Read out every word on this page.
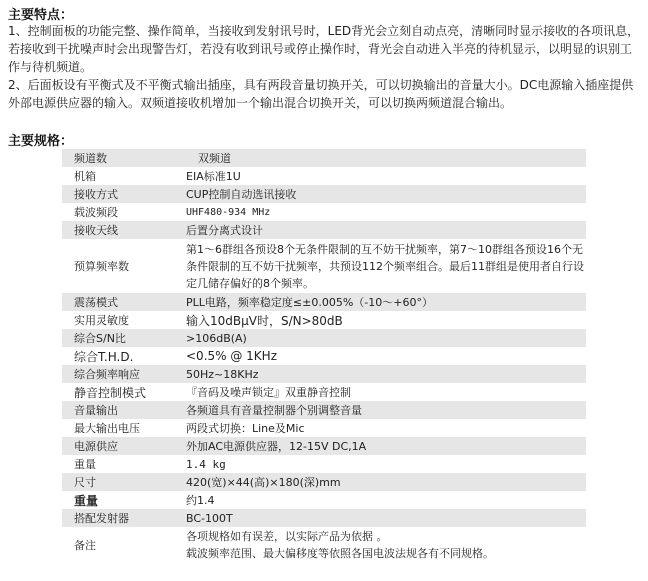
主要特点：
1、控制面板的功能完整、操作简单，当接收到发射讯号时，LED背光会立刻自动点亮，清晰同时显示接收的各项讯息，若接收到干扰噪声时会出现警告灯，若没有收到讯号或停止操作时，背光会自动进入半亮的待机显示，以明显的识别工作与待机频道。
2、后面板设有平衡式及不平衡式输出插座，具有两段音量切换开关，可以切换输出的音量大小。DC电源输入插座提供外部电源供应器的输入。双频道接收机增加一个输出混合切换开关，可以切换两频道混合输出。
主要规格：
频道数	双频道
机箱	EIA标准1U
接收方式	CUP控制自动选讯接收
载波频段	UHF480-934 MHz
接收天线	后置分离式设计
预算频率数	第1～6群组各预设8个无条件限制的互不妨干扰频率，第7～10群组各预设16个无条件限制的互不妨干扰频率，共预设112个频率组合。最后11群组是使用者自行设定几储存偏好的8个频率。
震荡模式	PLL电路，频率稳定度≤±0.005%（-10～+60°）
实用灵敏度	输入10dBμV时，S/N>80dB
综合S/N比	>106dB(A)
综合T.H.D.	<0.5% @ 1KHz
综合频率响应	50Hz~18KHz
静音控制模式	『音码及噪声锁定』双重静音控制
音量输出	各频道具有音量控制器个别调整音量
最大输出电压	两段式切换：Line及Mic
电源供应	外加AC电源供应器，12-15V DC,1A
重量	1.4 kg
尺寸	420(宽)×44(高)×180(深)mm
重量	约1.4
搭配发射器	BC-100T
备注	各项规格如有误差，以实际产品为依据 。
载波频率范围、最大偏移度等依照各国电波法规各有不同规格。
